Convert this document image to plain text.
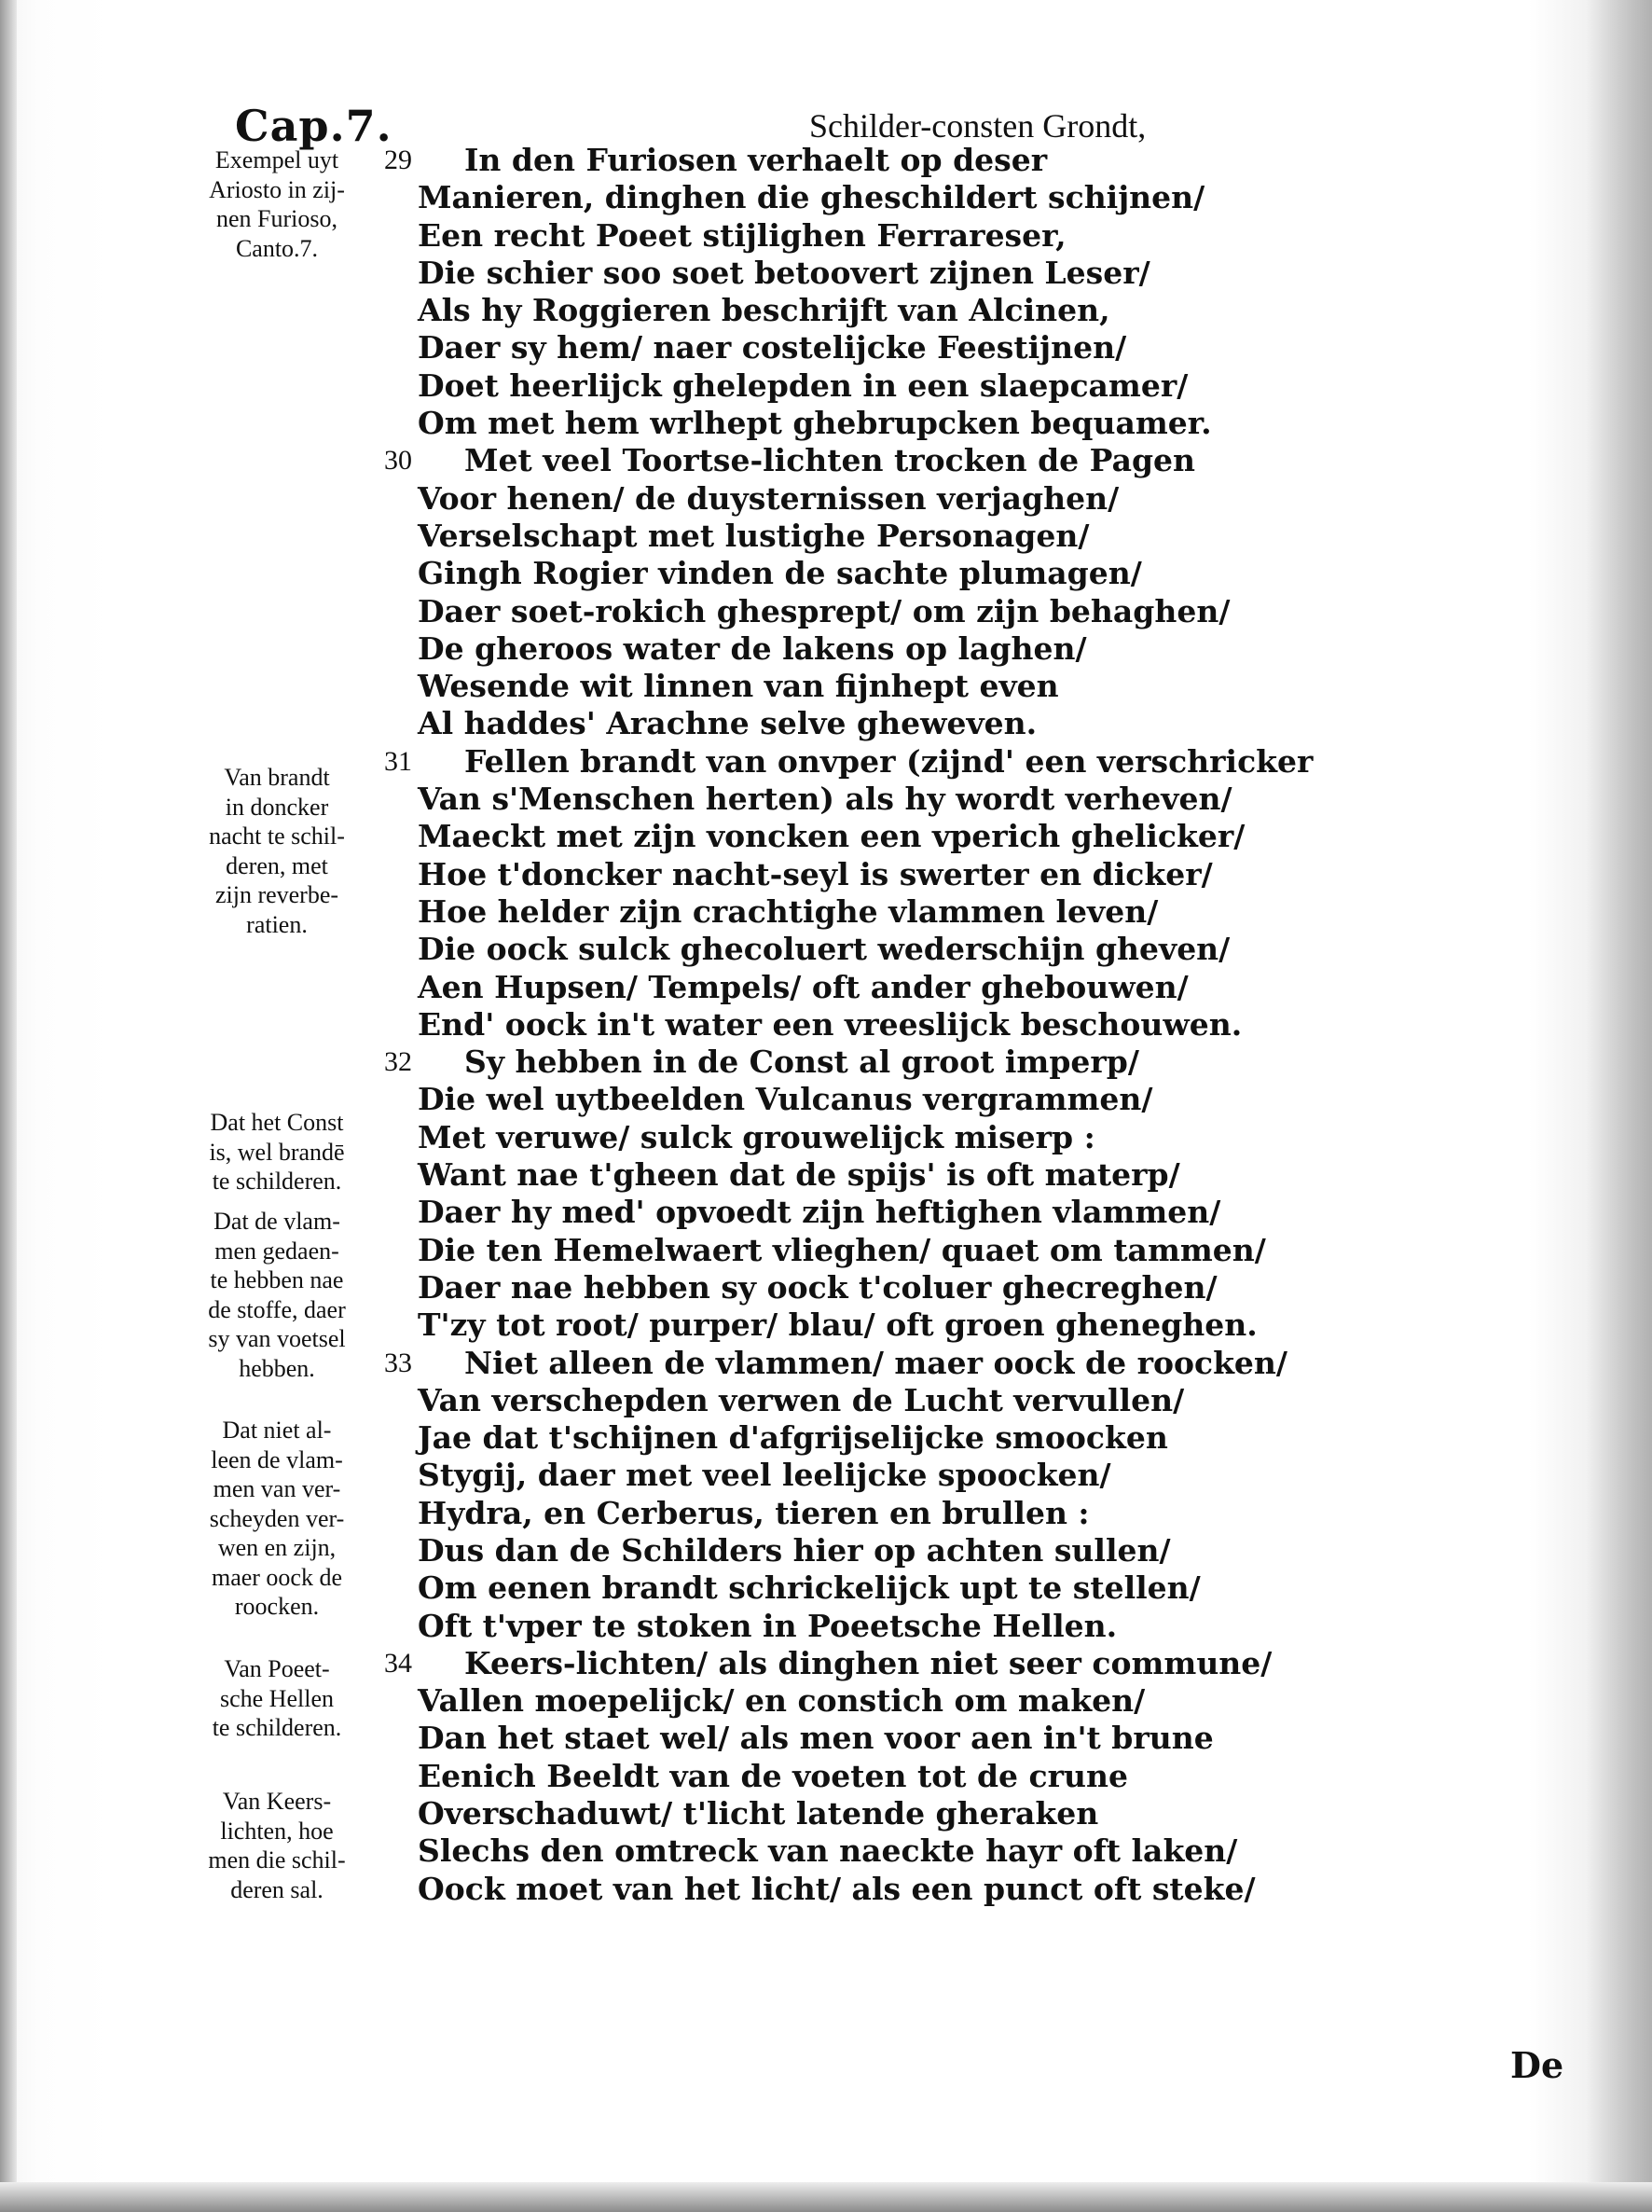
Cap.7.	Schilder-consten Grondt,
Exempel uyt
Ariosto in zij-
nen Furioso,
Canto.7.
Van brandt
in doncker
nacht te schil-
deren, met
zijn reverbe-
ratien.
Dat het Const
is, wel brandē
te schilderen.
Dat de vlam-
men gedaen-
te hebben nae
de stoffe, daer
sy van voetsel
hebben.
Dat niet al-
leen de vlam-
men van ver-
scheyden ver-
wen en zijn,
maer oock de
roocken.
Van Poeet-
sche Hellen
te schilderen.
Van Keers-
lichten, hoe
men die schil-
deren sal.
29 In den Furiosen verhaelt op deser
Manieren, dinghen die gheschildert schijnen/
Een recht Poeet stijlighen Ferrareser,
Die schier soo soet betoovert zijnen Leser/
Als hy Roggieren beschrijft van Alcinen,
Daer sy hem/ naer costelijcke Feestijnen/
Doet heerlijck ghelepden in een slaepcamer/
Om met hem wrlhept ghebrupcken bequamer.
30 Met veel Toortse-lichten trocken de Pagen
Voor henen/ de duysternissen verjaghen/
Verselschapt met lustighe Personagen/
Gingh Rogier vinden de sachte plumagen/
Daer soet-rokich ghesprept/ om zijn behaghen/
De gheroos water de lakens op laghen/
Wesende wit linnen van fijnhept even
Al haddes' Arachne selve gheweven.
31 Fellen brandt van onvper (zijnd' een verschricker
Van s'Menschen herten) als hy wordt verheven/
Maeckt met zijn voncken een vperich ghelicker/
Hoe t'doncker nacht-seyl is swerter en dicker/
Hoe helder zijn crachtighe vlammen leven/
Die oock sulck ghecoluert wederschijn gheven/
Aen Hupsen/ Tempels/ oft ander ghebouwen/
End' oock in't water een vreeslijck beschouwen.
32 Sy hebben in de Const al groot imperp/
Die wel uytbeelden Vulcanus vergrammen/
Met veruwe/ sulck grouwelijck miserp :
Want nae t'gheen dat de spijs' is oft materp/
Daer hy med' opvoedt zijn heftighen vlammen/
Die ten Hemelwaert vlieghen/ quaet om tammen/
Daer nae hebben sy oock t'coluer ghecreghen/
T'zy tot root/ purper/ blau/ oft groen gheneghen.
33 Niet alleen de vlammen/ maer oock de roocken/
Van verschepden verwen de Lucht vervullen/
Jae dat t'schijnen d'afgrijselijcke smoocken
Stygij, daer met veel leelijcke spoocken/
Hydra, en Cerberus, tieren en brullen :
Dus dan de Schilders hier op achten sullen/
Om eenen brandt schrickelijck upt te stellen/
Oft t'vper te stoken in Poeetsche Hellen.
34 Keers-lichten/ als dinghen niet seer commune/
Vallen moepelijck/ en constich om maken/
Dan het staet wel/ als men voor aen in't brune
Eenich Beeldt van de voeten tot de crune
Overschaduwt/ t'licht latende gheraken
Slechs den omtreck van naeckte hayr oft laken/
Oock moet van het licht/ als een punct oft steke/
De
